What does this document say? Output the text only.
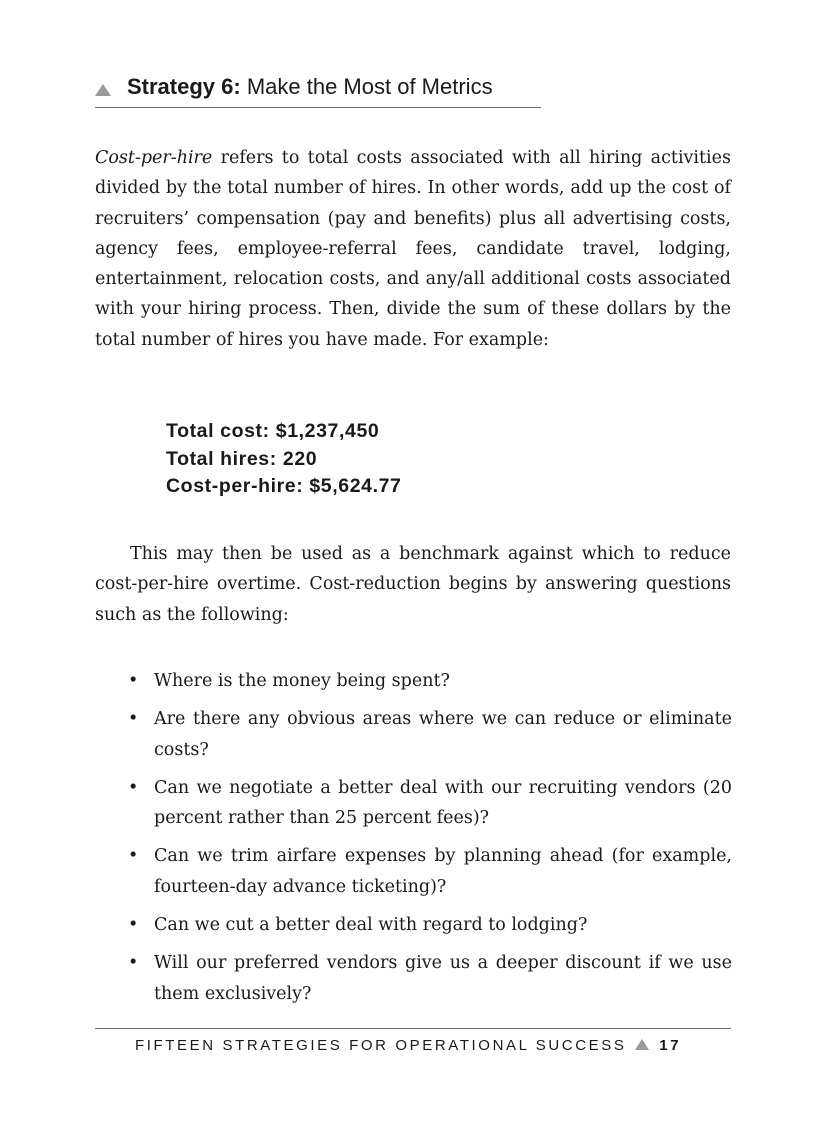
Strategy 6: Make the Most of Metrics

Cost-per-hire refers to total costs associated with all hiring activities divided by the total number of hires. In other words, add up the cost of recruiters’ compensation (pay and benefits) plus all advertising costs, agency fees, employee-referral fees, candidate travel, lodging, entertainment, relocation costs, and any/all additional costs associated with your hiring process. Then, divide the sum of these dollars by the total number of hires you have made. For example:

Total cost: $1,237,450
Total hires: 220
Cost-per-hire: $5,624.77

This may then be used as a benchmark against which to reduce cost-per-hire overtime. Cost-reduction begins by answering questions such as the following:

• Where is the money being spent?
• Are there any obvious areas where we can reduce or eliminate costs?
• Can we negotiate a better deal with our recruiting vendors (20 percent rather than 25 percent fees)?
• Can we trim airfare expenses by planning ahead (for example, fourteen-day advance ticketing)?
• Can we cut a better deal with regard to lodging?
• Will our preferred vendors give us a deeper discount if we use them exclusively?
FIFTEEN STRATEGIES FOR OPERATIONAL SUCCESS 17
